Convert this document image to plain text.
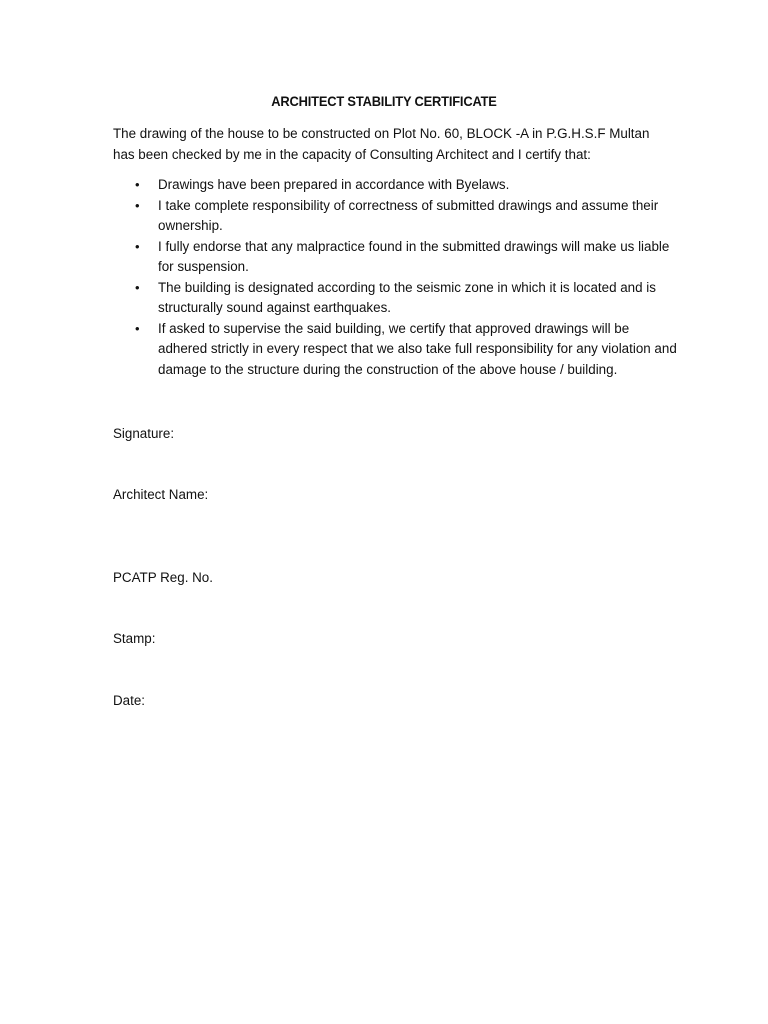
ARCHITECT STABILITY CERTIFICATE

The drawing of the house to be constructed on Plot No. 60, BLOCK -A in P.G.H.S.F Multan has been checked by me in the capacity of Consulting Architect and I certify that:

• Drawings have been prepared in accordance with Byelaws.
• I take complete responsibility of correctness of submitted drawings and assume their ownership.
• I fully endorse that any malpractice found in the submitted drawings will make us liable for suspension.
• The building is designated according to the seismic zone in which it is located and is structurally sound against earthquakes.
• If asked to supervise the said building, we certify that approved drawings will be adhered strictly in every respect that we also take full responsibility for any violation and damage to the structure during the construction of the above house / building.
Signature:
Architect Name:
PCATP Reg. No.
Stamp:
Date:
